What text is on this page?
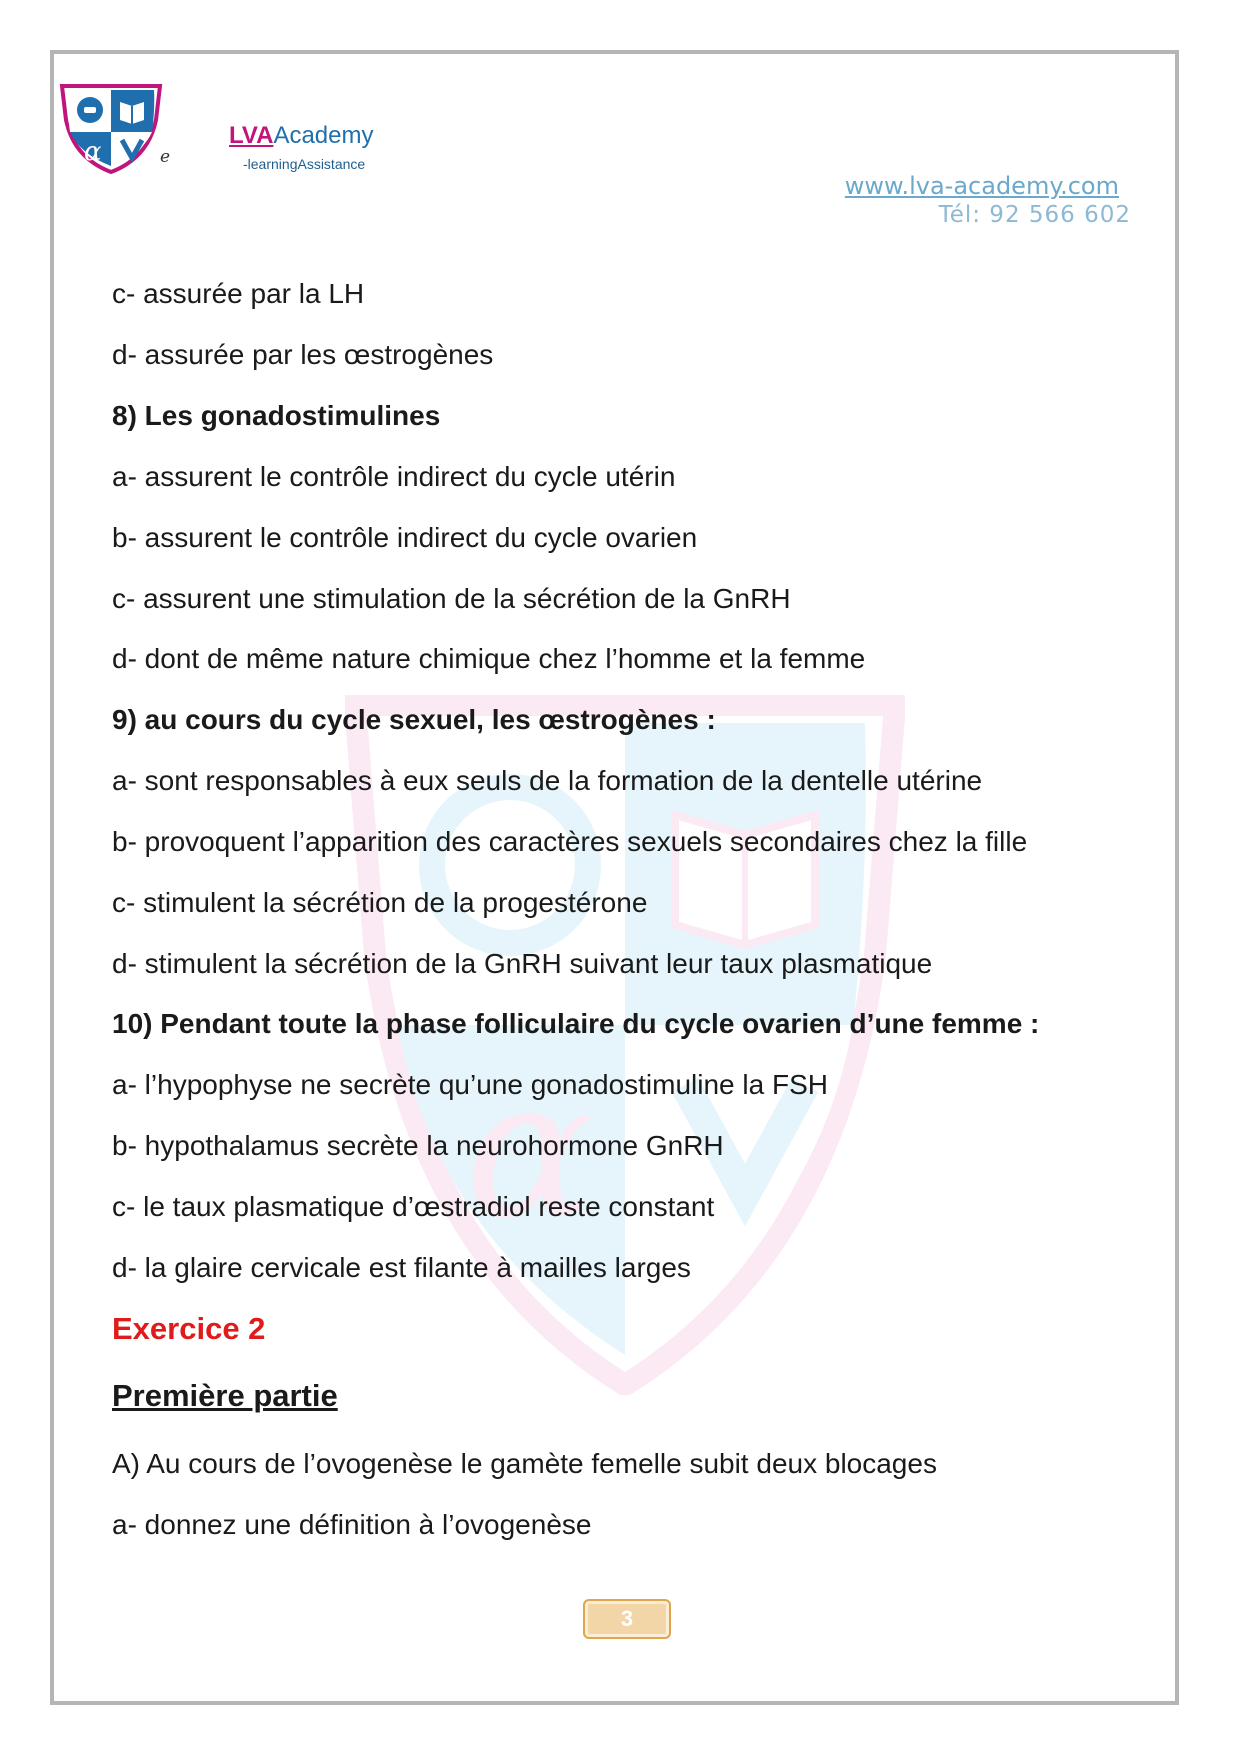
α	e
LVAAcademy
-learningAssistance
www.lva-academy.com
Tél: 92 566 602
α
c- assurée par la LH
d- assurée par les œstrogènes
8) Les gonadostimulines
a- assurent le contrôle indirect du cycle utérin
b- assurent le contrôle indirect du cycle ovarien
c- assurent une stimulation de la sécrétion de la GnRH
d- dont de même nature chimique chez l’homme et la femme
9) au cours du cycle sexuel, les œstrogènes :
a- sont responsables à eux seuls de la formation de la dentelle utérine
b- provoquent l’apparition des caractères sexuels secondaires chez la fille
c- stimulent la sécrétion de la progestérone
d- stimulent la sécrétion de la GnRH suivant leur taux plasmatique
10) Pendant toute la phase folliculaire du cycle ovarien d’une femme :
a- l’hypophyse ne secrète qu’une gonadostimuline la FSH
b- hypothalamus secrète la neurohormone GnRH
c- le taux plasmatique d’œstradiol reste constant
d- la glaire cervicale est filante à mailles larges
Exercice 2
Première partie
A) Au cours de l’ovogenèse le gamète femelle subit deux blocages
a- donnez une définition à l’ovogenèse
3
